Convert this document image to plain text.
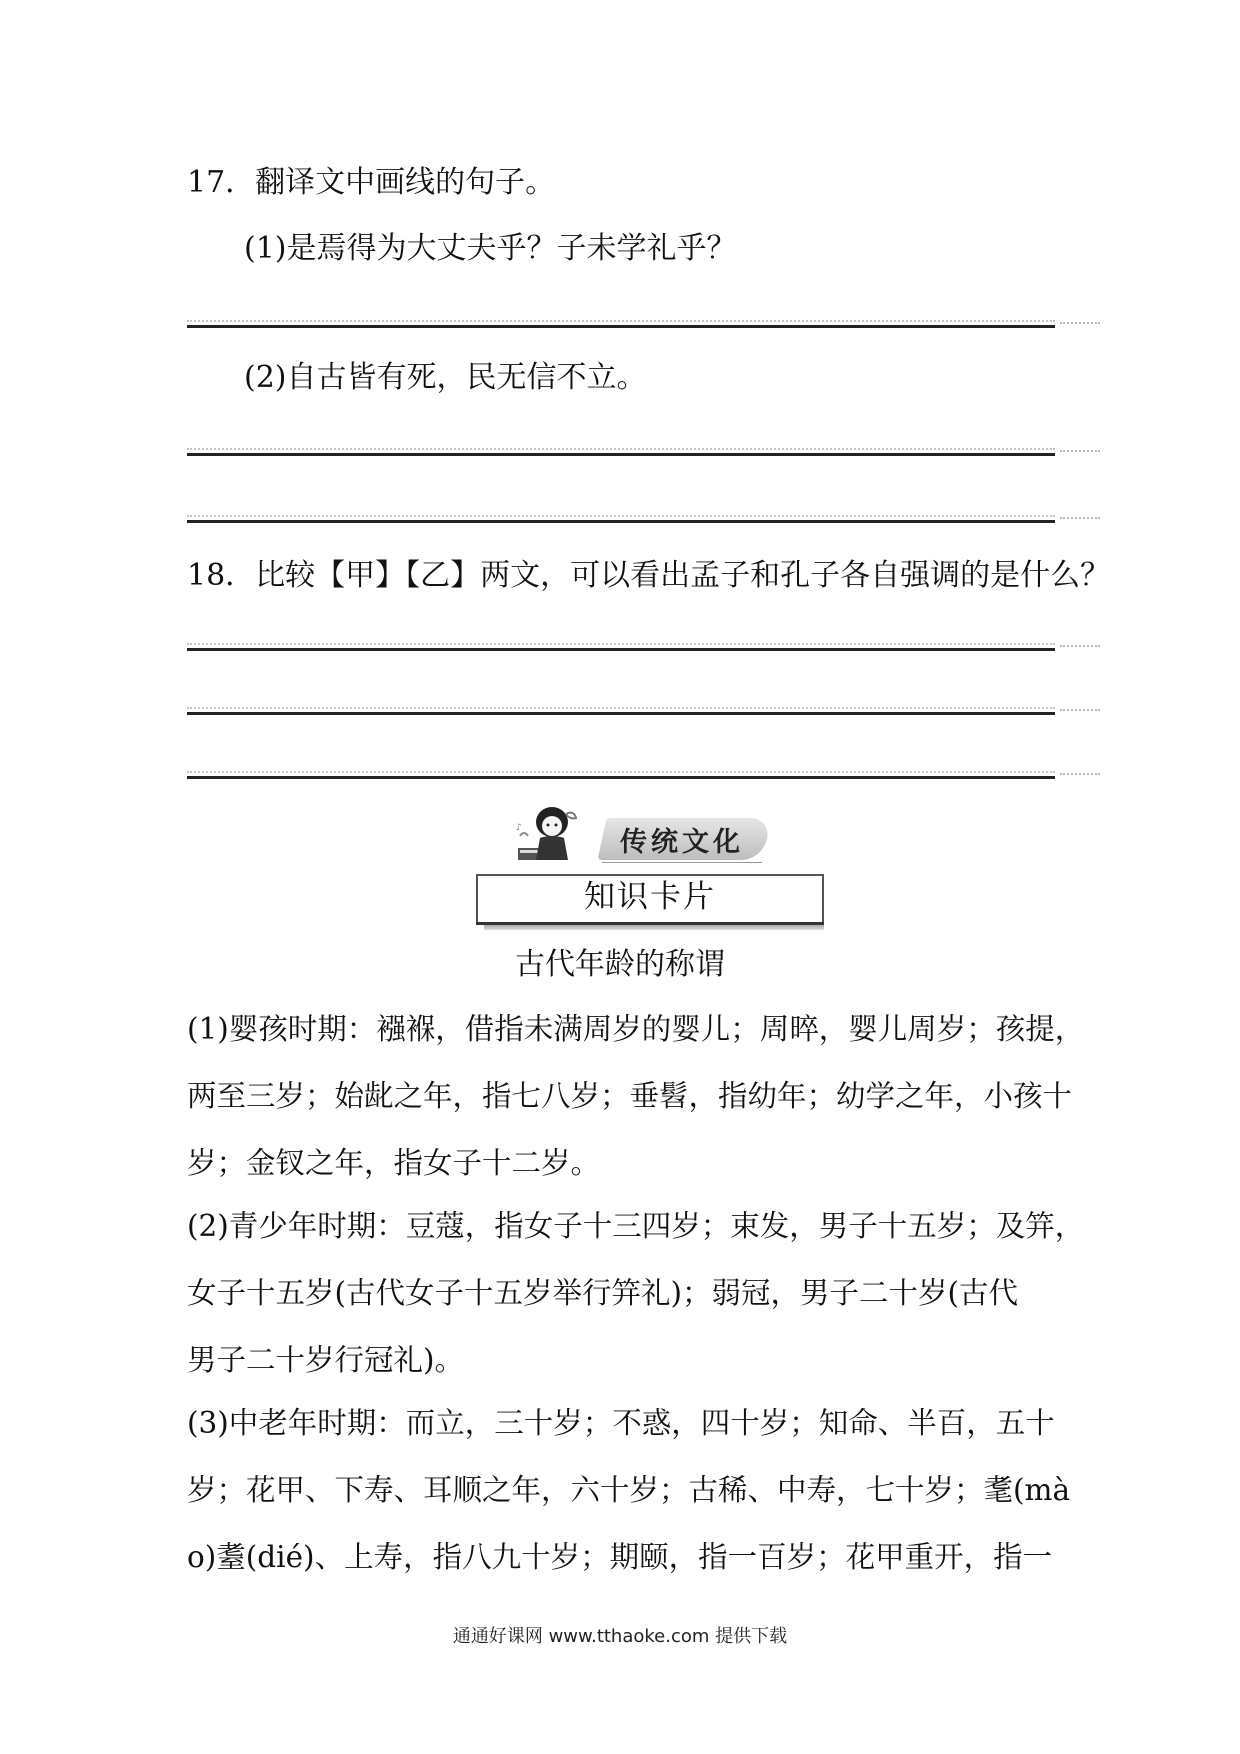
17．翻译文中画线的句子。
(1)是焉得为大丈夫乎？子未学礼乎？
(2)自古皆有死，民无信不立。
18．比较【甲】【乙】两文，可以看出孟子和孔子各自强调的是什么？
♪	传统文化
知识卡片
古代年龄的称谓
(1)婴孩时期：襁褓，借指未满周岁的婴儿；周晬，婴儿周岁；孩提，
两至三岁；始龀之年，指七八岁；垂髫，指幼年；幼学之年，小孩十
岁；金钗之年，指女子十二岁。
(2)青少年时期：豆蔻，指女子十三四岁；束发，男子十五岁；及笄，
女子十五岁(古代女子十五岁举行笄礼)；弱冠，男子二十岁(古代
男子二十岁行冠礼)。
(3)中老年时期：而立，三十岁；不惑，四十岁；知命、半百，五十
岁；花甲、下寿、耳顺之年，六十岁；古稀、中寿，七十岁；耄(mà
o)耋(dié)、上寿，指八九十岁；期颐，指一百岁；花甲重开，指一
通通好课网 www.tthaoke.com 提供下载
